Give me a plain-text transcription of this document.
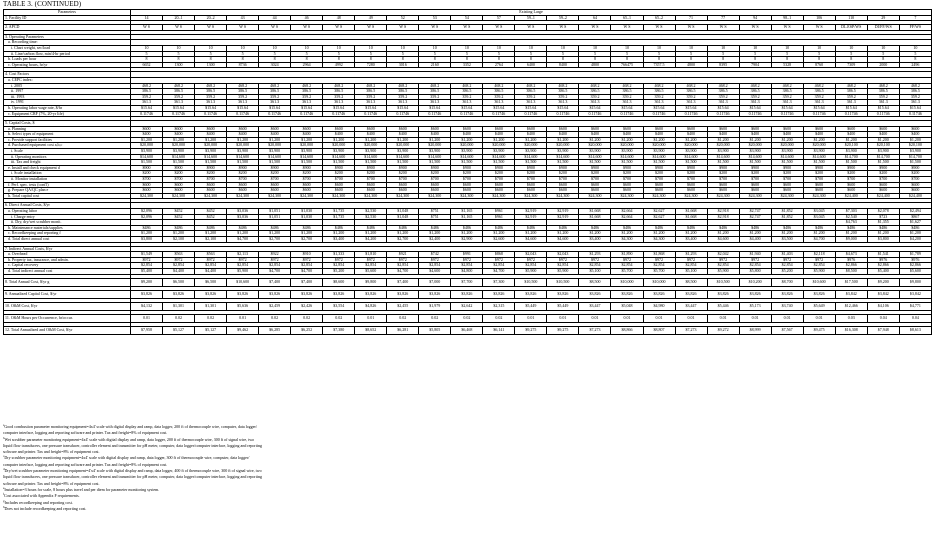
TABLE 3. (CONTINUED)
Parameters	Existing Large																								
1. Facility ID	14	20–1	20–2	43	44	46	48	49	52	53	54	57	59–1	59–2	64	65–1	65–2	71	77	94	98–1	106	110	29	7

2. APCD	W S	W S	W S	W S	W S	W S	W S	W S	W S	W S	W S	W S	W S	W S	W S	W S	W S	W S	W S	W S	W S	W S	DI–ESP/WS	DI/FF/WS	FF/WS

3. Operating Parameters																									
a. Recording time:																									
i. Chart weight, sec/load	10	10	10	10	10	10	10	10	10	10	10	10	10	10	10	10	10	10	10	10	10	10	10	10	10
ii. Line/carbon flow, min/4-hr period	5	5	5	5	5	5	5	5	5	5	5	5	5	5	5	5	5	5	5	5	5	5	5	5	5
b. Loads per hour	8	8	8	8	8	8	8	8	8	8	8	8	8	8	8	8	8	8	8	8	8	8	8	8	8
c. Operating hours, hr/yr	6652	1300	1300	8736	3024	2964	4992	7280	3016	2160	3352	2764	6400	8400	4800	766475	7357.5	4800	8395	7904	5328	8760	7309	2000	2496

4. Cost Factors																									
a. CEPC index:																									
i. 2005	468.2	468.2	468.2	468.2	468.2	468.2	468.2	468.2	468.2	468.2	468.2	468.2	468.2	468.2	468.2	468.2	468.2	468.2	468.2	468.2	468.2	468.2	468.2	468.2	468.2
ii. 1997	386.5	386.5	386.5	386.5	386.5	386.5	386.5	386.5	386.5	386.5	386.5	386.5	386.5	386.5	386.5	386.5	386.5	386.5	386.5	386.5	386.5	386.5	386.5	386.5	386.5
iii. 1993	359.2	359.2	359.2	359.2	359.2	359.2	359.2	359.2	359.2	359.2	359.2	359.2	359.2	359.2	359.2	359.2	359.2	359.2	359.2	359.2	359.2	359.2	359.2	359.2	359.2
iv. 1991	361.3	361.3	361.3	361.3	361.3	361.3	361.3	361.3	361.3	361.3	361.3	361.3	361.3	361.3	361.3	361.3	361.3	361.3	361.3	361.3	361.3	361.3	361.3	361.3	361.3
b. Operating labor wage rate, $/hr	$15.64	$15.64	$15.64	$15.64	$15.64	$15.64	$15.64	$15.64	$15.64	$15.64	$15.64	$15.64	$15.64	$15.64	$15.64	$15.64	$15.64	$15.64	$15.64	$15.64	$15.64	$15.64	$15.64	$15.64	$15.64
c. Equipment CRF (7%, 20-yr life)	0.11746	0.11746	0.11746	0.11746	0.11746	0.11746	0.11746	0.11746	0.11746	0.11746	0.11746	0.11746	0.11746	0.11746	0.11746	0.11746	0.11746	0.11746	0.11746	0.11746	0.11746	0.11746	0.11746	0.11746	0.11746

5. Capital Costs, $																									
a. Planning	$600	$600	$600	$600	$600	$600	$600	$600	$600	$600	$600	$600	$600	$600	$600	$600	$600	$600	$600	$600	$600	$600	$600	$600	$600
b. Select types of equipment	$400	$400	$400	$400	$400	$400	$400	$400	$400	$400	$400	$400	$400	$400	$400	$400	$400	$400	$400	$400	$400	$400	$400	$400	$400
c. Provide support facilities	$1,200	$1,200	$1,200	$1,200	$1,200	$1,200	$1,200	$1,200	$1,200	$1,200	$1,200	$1,200	$1,200	$1,200	$1,200	$1,200	$1,200	$1,200	$1,200	$1,200	$1,200	$1,200	$1,200	$1,200	$1,200
d. Purchased equipment cost a,b,c	$20,000	$20,000	$20,000	$20,000	$20,000	$20,000	$20,000	$20,000	$20,000	$20,000	$20,000	$20,000	$20,000	$20,000	$20,000	$20,000	$20,000	$20,000	$20,000	$20,000	$20,000	$20,000	$20,100	$20,100	$20,100
i. Scale	$3,900	$3,900	$3,900	$3,900	$3,900	$3,900	$3,900	$3,900	$3,900	$3,900	$3,900	$3,900	$3,900	$3,900	$3,900	$3,900	$3,900	$3,900	$3,900	$3,900	$3,900	$3,900	$3,900	$3,900	$3,900
ii. Operating monitors	$14,600	$14,600	$14,600	$14,600	$14,600	$14,600	$14,600	$14,600	$14,600	$14,600	$14,600	$14,600	$14,600	$14,600	$14,600	$14,600	$14,600	$14,600	$14,600	$14,600	$14,600	$14,600	$14,700	$14,700	$14,700
iii. Tax and freight	$1,500	$1,500	$1,500	$1,500	$1,500	$1,500	$1,500	$1,500	$1,500	$1,500	$1,500	$1,500	$1,500	$1,500	$1,500	$1,500	$1,500	$1,500	$1,500	$1,500	$1,500	$1,500	$1,500	$1,500	$1,500
e. Install and check equipment d	$900	$900	$900	$900	$900	$900	$900	$900	$900	$900	$900	$900	$900	$900	$900	$900	$900	$900	$900	$900	$900	$900	$900	$900	$900
i. Scale installation	$200	$200	$200	$200	$200	$200	$200	$200	$200	$200	$200	$200	$200	$200	$200	$200	$200	$200	$200	$200	$200	$200	$200	$200	$200
ii. Monitor installation	$700	$700	$700	$700	$700	$700	$700	$700	$700	$700	$700	$700	$700	$700	$700	$700	$700	$700	$700	$700	$700	$700	$700	$700	$700
f. Perf. spec. tests (cont'l)	$600	$600	$600	$600	$600	$600	$600	$600	$600	$600	$600	$600	$600	$600	$600	$600	$600	$600	$600	$600	$600	$600	$600	$600	$600
g. Prepare QA/QC plan e	$600	$600	$600	$600	$600	$600	$600	$600	$600	$600	$600	$600	$600	$600	$600	$600	$600	$600	$600	$600	$600	$600	$600	$600	$600
h. Total capital cost	$24,300	$24,300	$24,300	$24,300	$24,300	$24,300	$24,300	$24,300	$24,300	$24,300	$24,300	$24,300	$24,300	$24,300	$24,300	$24,300	$24,300	$24,300	$24,300	$24,300	$24,300	$24,300	$24,400	$24,400	$24,400

6. Direct Annual Costs, $/yr																									
a. Operating labor	$2,096	$452	$452	$3,036	$1,051	$1,030	$1,735	$2,530	$1,048	$751	$1,165	$961	$2,919	$2,919	$1,668	$2,664	$2,627	$1,668	$2,918	$2,747	$1,852	$3,045	$7,303	$2,078	$2,494
i. Charge entry	$2,096	$452	$452	$3,036	$1,051	$1,030	$1,735	$2,530	$1,048	$751	$1,165	$961	$2,919	$2,919	$1,668	$2,664	$2,627	$1,668	$2,918	$2,747	$1,852	$3,045	$2,540	$723	$867
ii. Dry, dry/wet scrubber monit.																							$4,763	$1,355	$1,627
b. Maintenance materials/supplies	$486	$486	$486	$486	$486	$486	$486	$486	$486	$486	$486	$486	$486	$486	$486	$486	$486	$486	$486	$486	$486	$486	$486	$486	$486
c. Recordkeeping and reporting f	$1,200	$1,200	$1,200	$1,200	$1,200	$1,200	$1,200	$1,200	$1,200	$1,200	$1,200	$1,200	$1,200	$1,200	$1,200	$1,200	$1,200	$1,200	$1,200	$1,200	$1,200	$1,200	$1,200	$1,200	$1,200
d. Total direct annual cost	$3,800	$2,100	$2,100	$4,700	$2,700	$2,700	$3,400	$4,200	$2,700	$2,400	$2,900	$2,600	$4,600	$4,600	$3,400	$4,300	$4,300	$3,400	$4,600	$4,400	$3,500	$4,700	$9,000	$3,800	$4,200

7. Indirect Annual Costs, $/yr																									
a. Overhead	$1,549	$563	$563	$2,113	$922	$910	$1,333	$1,810	$921	$742	$991	$868	$2,043	$2,043	$1,293	$1,890	$1,868	$1,293	$2,042	$1,940	$1,403	$2,118	$4,673	$1,541	$1,789
b. Property tax, insurance, and admin.	$972	$972	$972	$972	$972	$972	$972	$972	$972	$972	$972	$972	$972	$972	$972	$972	$972	$972	$972	$972	$972	$972	$976	$976	$976
c. Capital recovery	$2,854	$2,854	$2,854	$2,854	$2,854	$2,854	$2,854	$2,854	$2,854	$2,854	$2,854	$2,854	$2,854	$2,854	$2,854	$2,854	$2,854	$2,854	$2,854	$2,854	$2,854	$2,854	$2,866	$2,866	$2,866
d. Total indirect annual cost	$5,400	$4,400	$4,400	$5,900	$4,700	$4,700	$5,200	$5,600	$4,700	$4,600	$4,800	$4,700	$5,900	$5,900	$5,100	$5,700	$5,700	$5,100	$5,900	$5,800	$5,200	$5,900	$8,500	$5,400	$5,600

8. Total Annual Cost, $/yr g	$9,200	$6,500	$6,500	$10,600	$7,400	$7,400	$8,600	$9,800	$7,400	$7,000	$7,700	$7,300	$10,500	$10,500	$8,500	$10,000	$10,000	$8,500	$10,500	$10,200	$8,700	$10,600	$17,500	$9,200	$9,800

9. Annualized Capital Cost, $/yr	$3,826	$3,826	$3,826	$3,826	$3,826	$3,826	$3,826	$3,826	$3,826	$3,826	$3,826	$3,826	$3,826	$3,826	$3,826	$3,826	$3,826	$3,826	$3,826	$3,826	$3,826	$3,826	$3,842	$3,842	$3,842

10. O&M Cost, $/yr	$4,132	$1,301	$1,301	$5,636	$2,459	$2,426	$3,554	$4,826	$2,455	$1,979	$2,642	$2,315	$5,449	$5,449	$3,447	$5,048	$4,980	$3,447	$5,446	$5,173	$3,740	$5,649	$12,466	$4,106	$4,771

11. O&M Hours per Occurrence, hr/occur.	0.01	0.02	0.02	0.01	0.02	0.02	0.02	0.01	0.02	0.02	0.02	0.02	0.01	0.01	0.01	0.01	0.01	0.01	0.01	0.01	0.01	0.01	0.03	0.04	0.04

12. Total Annualized and O&M Cost, $/yr	$7,958	$5,127	$5,127	$9,462	$6,285	$6,252	$7,380	$8,652	$6,281	$5,805	$6,468	$6,141	$9,275	$9,275	$7,273	$8,866	$8,807	$7,273	$9,272	$8,999	$7,567	$9,475	$16,308	$7,948	$8,613
$^a$Good combustion parameter monitoring equipment=4x4' scale with digital display and ramp, data logger, 200 ft of thermocouple wire, computer, data logger/
computer interface, logging and reporting software and printer. Tax and freight=8% of equipment cost.
$^b$Wet scrubber parameter monitoring equipment=4x4' scale with digital display and ramp, data logger, 200 ft of thermocouple wire, 300 ft of signal wire, two
liquid flow transducers, one pressure transducer, controller element and transmitter for pH meter, computer, data logger/computer interface, logging and reporting
software and printer. Tax and freight=8% of equipment cost.
$^c$Dry scrubber parameter monitoring equipment=4x4' scale with digital display and ramp, data logger, 300 ft of thermocouple wire, computer, data logger/
computer interface, logging and reporting software and printer. Tax and freight=8% of equipment cost.
$^d$Dry/wet scrubber parameter monitoring equipment=4'x4' scale with digital display and ramp, data logger, 400 ft of thermocouple wire, 300 ft of signal wire, two
liquid flow transducers, one pressure transducer, controller element and transmitter for pH meter, computer, data logger/computer interface, logging and reporting
software and printer. Tax and freight=8% of equipment cost.
$^e$Installation=3 hours for scale, 8 hours plus travel and per diem for parameter monitoring system.
$^f$Cost associated with Appendix F requirements.
$^g$Includes recordkeeping and reporting cost.
$^h$Does not include recordkeeping and reporting cost.
